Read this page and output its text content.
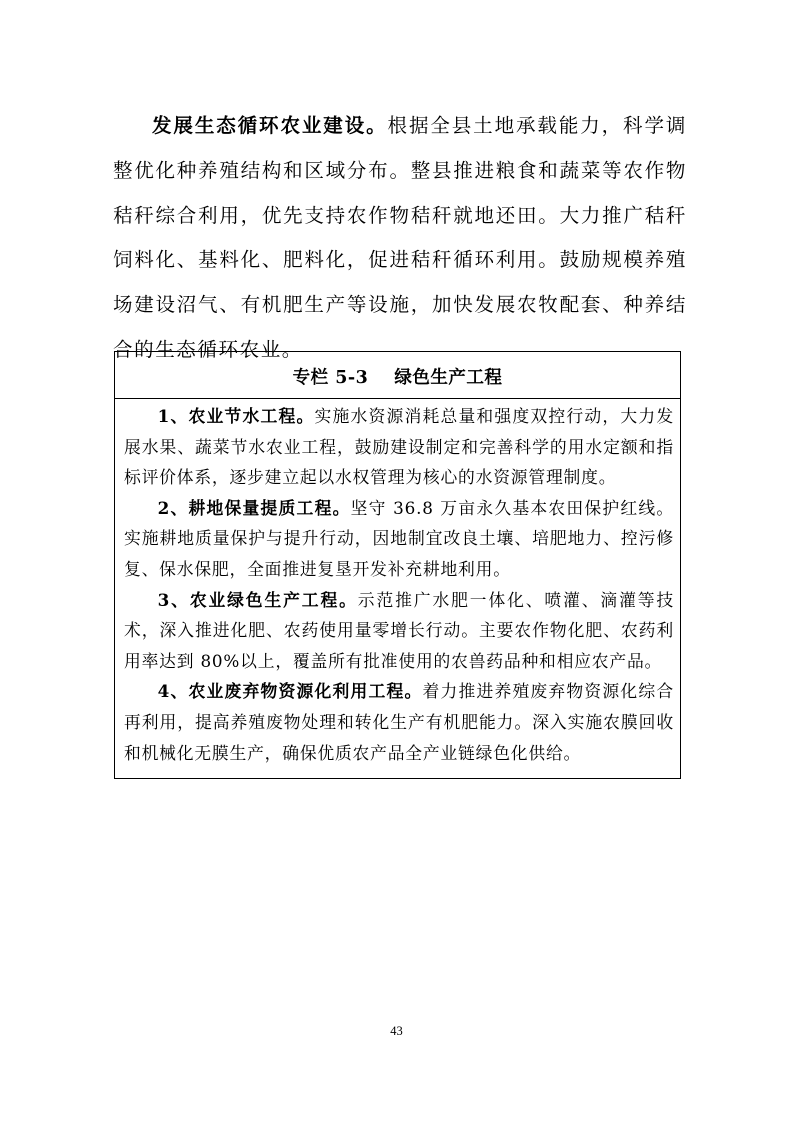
发展生态循环农业建设。根据全县土地承载能力，科学调整优化种养殖结构和区域分布。整县推进粮食和蔬菜等农作物秸秆综合利用，优先支持农作物秸秆就地还田。大力推广秸秆饲料化、基料化、肥料化，促进秸秆循环利用。鼓励规模养殖场建设沼气、有机肥生产等设施，加快发展农牧配套、种养结合的生态循环农业。

专栏 5-3 绿色生产工程

1、农业节水工程。实施水资源消耗总量和强度双控行动，大力发展水果、蔬菜节水农业工程，鼓励建设制定和完善科学的用水定额和指标评价体系，逐步建立起以水权管理为核心的水资源管理制度。

2、耕地保量提质工程。坚守 36.8 万亩永久基本农田保护红线。实施耕地质量保护与提升行动，因地制宜改良土壤、培肥地力、控污修复、保水保肥，全面推进复垦开发补充耕地利用。

3、农业绿色生产工程。示范推广水肥一体化、喷灌、滴灌等技术，深入推进化肥、农药使用量零增长行动。主要农作物化肥、农药利用率达到 80%以上，覆盖所有批准使用的农兽药品种和相应农产品。

4、农业废弃物资源化利用工程。着力推进养殖废弃物资源化综合再利用，提高养殖废物处理和转化生产有机肥能力。深入实施农膜回收和机械化无膜生产，确保优质农产品全产业链绿色化供给。

43
